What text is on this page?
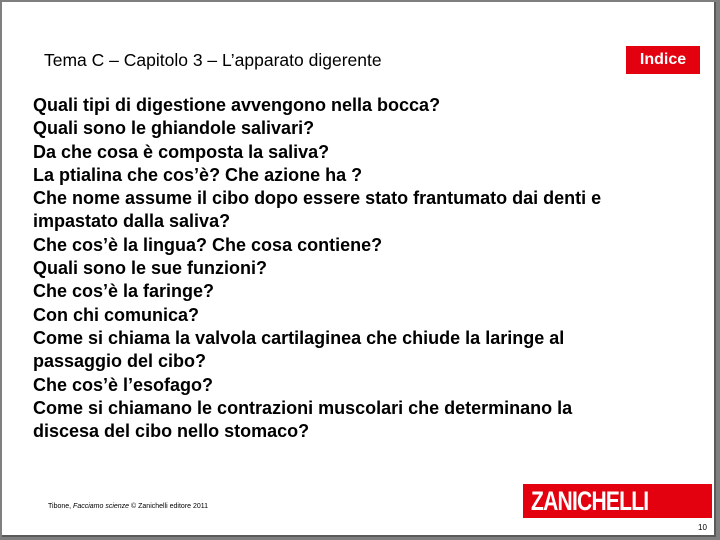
Tema C – Capitolo 3 – L’apparato digerente	Indice
Quali tipi di digestione avvengono nella bocca?
Quali sono le ghiandole salivari?
Da che cosa è composta la saliva?
La ptialina che cos’è? Che azione ha ?
Che nome assume il cibo dopo essere stato frantumato dai denti e
impastato dalla saliva?
Che cos’è la lingua? Che cosa contiene?
Quali sono le sue funzioni?
Che cos’è la faringe?
Con chi comunica?
Come si chiama la valvola cartilaginea che chiude la laringe al
passaggio del cibo?
Che cos’è l’esofago?
Come si chiamano le contrazioni muscolari che determinano la
discesa del cibo nello stomaco?
Tibone, Facciamo scienze © Zanichelli editore 2011	ZANICHELLI
10
